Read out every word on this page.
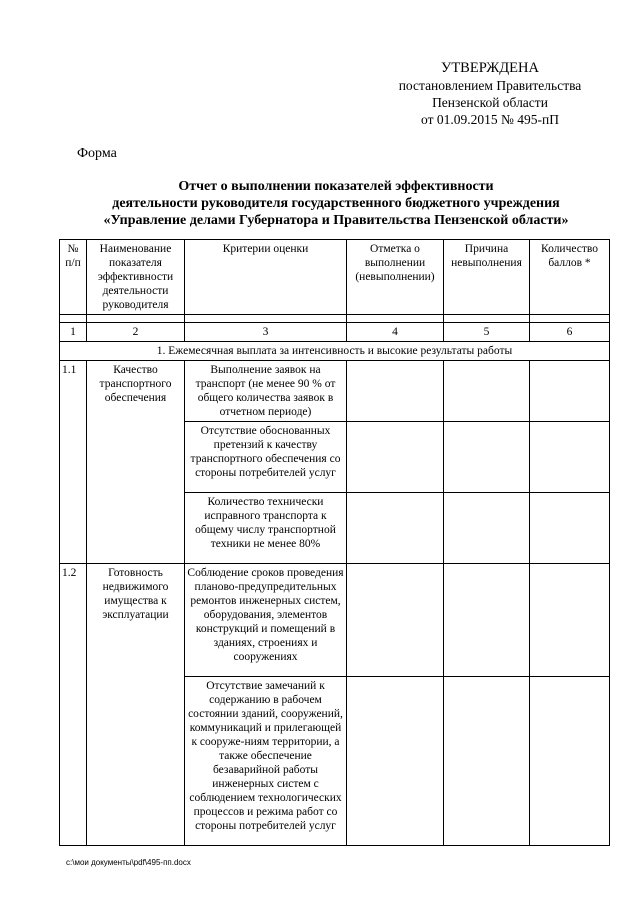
УТВЕРЖДЕНА
постановлением Правительства
Пензенской области
от 01.09.2015 № 495-пП
Форма
Отчет о выполнении показателей эффективности
деятельности руководителя государственного бюджетного учреждения
«Управление делами Губернатора и Правительства Пензенской области»
№ п/п	Наименование показателя эффективности деятельности руководителя	Критерии оценки	Отметка о выполнении (невыполнении)	Причина невыполнения	Количество баллов *

1	2	3	4	5	6
1. Ежемесячная выплата за интенсивность и высокие результаты работы					
1.1	Качество транспортного обеспечения	Выполнение заявок на транспорт (не менее 90 % от общего количества заявок в отчетном периоде)			
		Отсутствие обоснованных претензий к качеству транспортного обеспечения со стороны потребителей услуг			
		Количество технически исправного транспорта к общему числу транспортной техники не менее 80%			
1.2	Готовность недвижимого имущества к эксплуатации	Соблюдение сроков проведения планово-предупредительных ремонтов инженерных систем, оборудования, элементов конструкций и помещений в зданиях, строениях и сооружениях			
		Отсутствие замечаний к содержанию в рабочем состоянии зданий, сооружений, коммуникаций и прилегающей к сооруже-ниям территории, а также обеспечение безаварийной работы инженерных систем с соблюдением технологических процессов и режима работ со стороны потребителей услуг			
c:\мои документы\pdf\495-пп.docx
